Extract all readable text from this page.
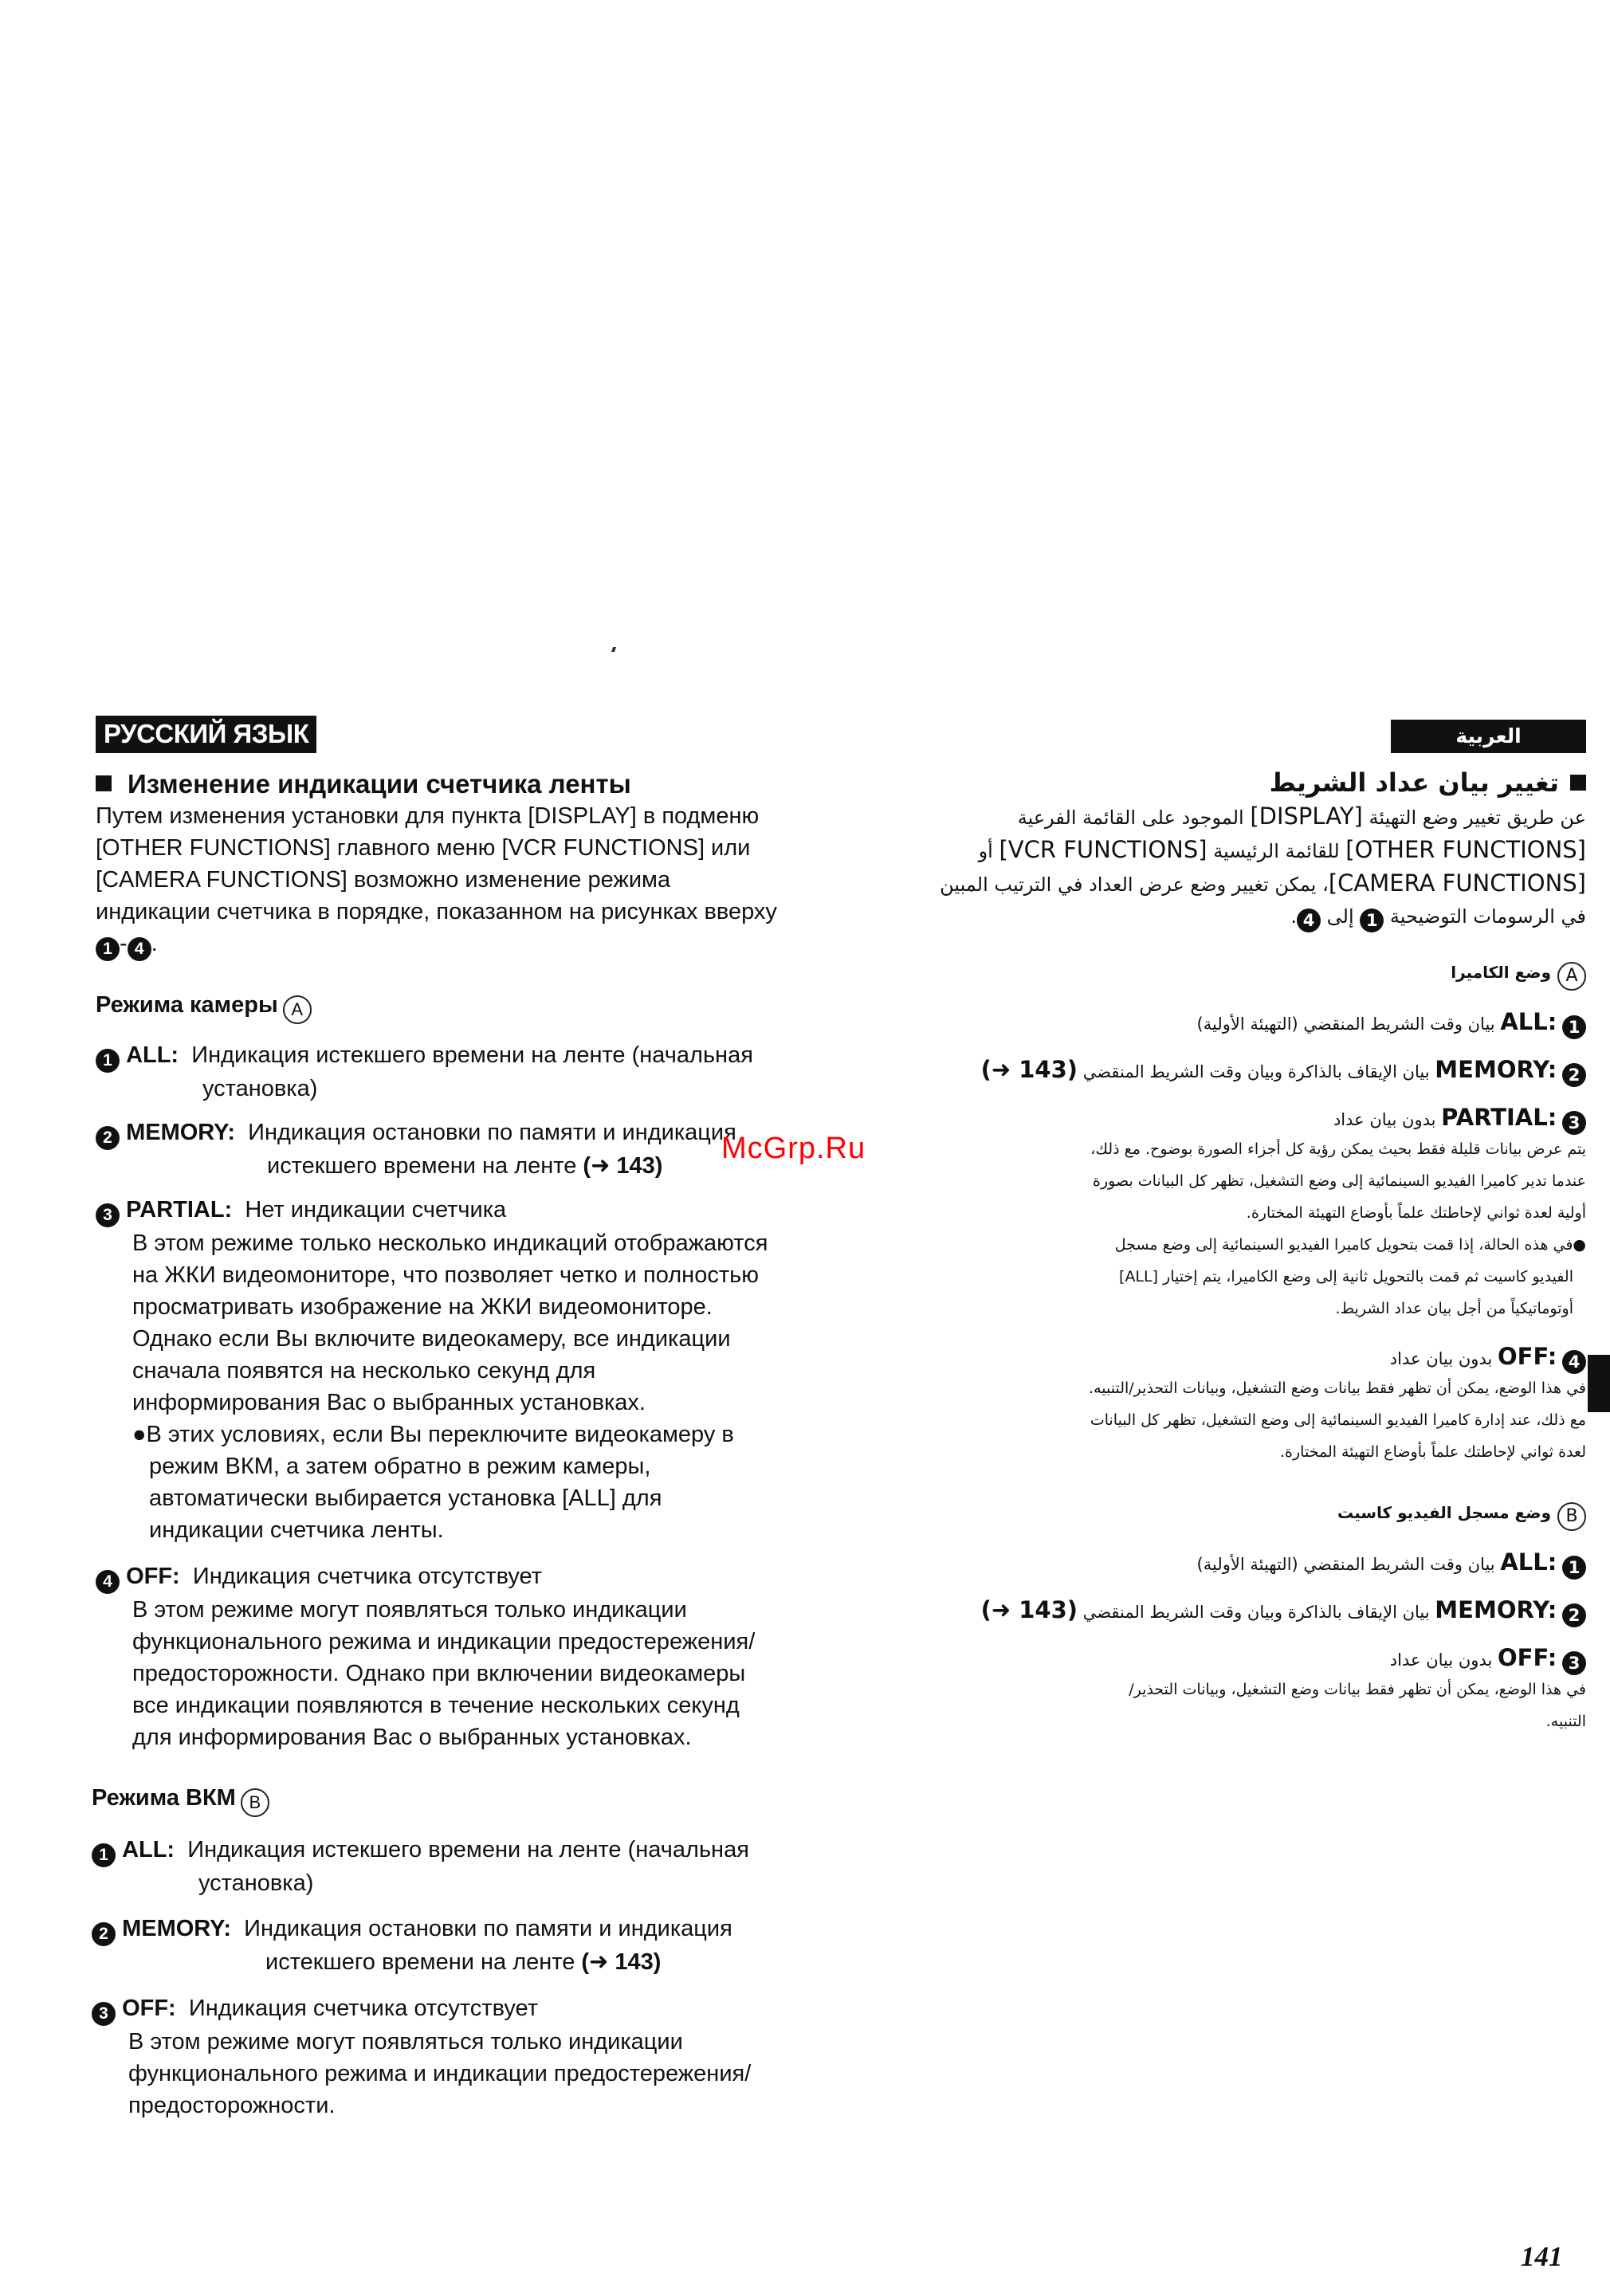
РУССКИЙ ЯЗЫК
Изменение индикации счетчика ленты
Путем изменения установки для пункта [DISPLAY] в подменю
[OTHER FUNCTIONS] главного меню [VCR FUNCTIONS] или
[CAMERA FUNCTIONS] возможно изменение режима
индикации счетчика в порядке, показанном на рисунках вверху
1 - 4 .
Режима камеры A
1 ALL: Индикация истекшего времени на ленте (начальная
установка)
2 MEMORY: Индикация остановки по памяти и индикация
истекшего времени на ленте (➜ 143)
3 PARTIAL: Нет индикации счетчика
В этом режиме только несколько индикаций отображаются
на ЖКИ видеомониторе, что позволяет четко и полностью
просматривать изображение на ЖКИ видеомониторе.
Однако если Вы включите видеокамеру, все индикации
сначала появятся на несколько секунд для
информирования Вас о выбранных установках.
●В этих условиях, если Вы переключите видеокамеру в
режим ВКМ, а затем обратно в режим камеры,
автоматически выбирается установка [ALL] для
индикации счетчика ленты.
4 OFF: Индикация счетчика отсутствует
В этом режиме могут появляться только индикации
функционального режима и индикации предостережения/
предосторожности. Однако при включении видеокамеры
все индикации появляются в течение нескольких секунд
для информирования Вас о выбранных установках.
Режима ВКМ B
1 ALL: Индикация истекшего времени на ленте (начальная
установка)
2 MEMORY: Индикация остановки по памяти и индикация
истекшего времени на ленте (➜ 143)
3 OFF: Индикация счетчика отсутствует
В этом режиме могут появляться только индикации
функционального режима и индикации предостережения/
предосторожности.
McGrp.Ru
العربية
تغيير بيان عداد الشريط
عن طريق تغيير وضع التهيئة [DISPLAY] الموجود على القائمة الفرعية
[OTHER FUNCTIONS] للقائمة الرئيسية [VCR FUNCTIONS] أو
[CAMERA FUNCTIONS]، يمكن تغيير وضع عرض العداد في الترتيب المبين
في الرسومات التوضيحية 1 إلى 4.
Aوضع الكاميرا
1 ALL: بيان وقت الشريط المنقضي (التهيئة الأولية)
2 MEMORY: بيان الإيقاف بالذاكرة وبيان وقت الشريط المنقضي (➜ 143)
3 PARTIAL: بدون بيان عداد
يتم عرض بيانات قليلة فقط بحيث يمكن رؤية كل أجزاء الصورة بوضوح. مع ذلك،
عندما تدير كاميرا الفيديو السينمائية إلى وضع التشغيل، تظهر كل البيانات بصورة
أولية لعدة ثواني لإحاطتك علماً بأوضاع التهيئة المختارة.
●في هذه الحالة، إذا قمت بتحويل كاميرا الفيديو السينمائية إلى وضع مسجل
الفيديو كاسيت ثم قمت بالتحويل ثانية إلى وضع الكاميرا، يتم إختيار [ALL]
أوتوماتيكياً من أجل بيان عداد الشريط.
4 OFF: بدون بيان عداد
في هذا الوضع، يمكن أن تظهر فقط بيانات وضع التشغيل، وبيانات التحذير/التنبيه.
مع ذلك، عند إدارة كاميرا الفيديو السينمائية إلى وضع التشغيل، تظهر كل البيانات
لعدة ثواني لإحاطتك علماً بأوضاع التهيئة المختارة.
Bوضع مسجل الفيديو كاسيت
1 ALL: بيان وقت الشريط المنقضي (التهيئة الأولية)
2 MEMORY: بيان الإيقاف بالذاكرة وبيان وقت الشريط المنقضي (➜ 143)
3 OFF: بدون بيان عداد
في هذا الوضع، يمكن أن تظهر فقط بيانات وضع التشغيل، وبيانات التحذير/
التنبيه.
141
